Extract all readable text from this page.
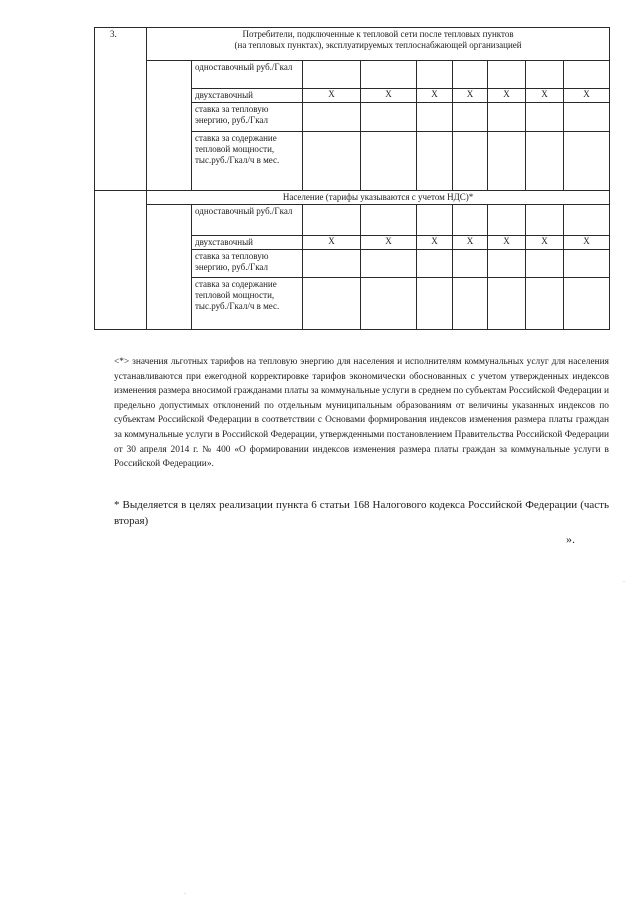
3.	Потребители, подключенные к тепловой сети после тепловых пунктов
(на тепловых пунктах), эксплуатируемых теплоснабжающей организацией								

		одноставочный руб./Гкал							
		двухставочный	Х	Х	Х	Х	Х	Х	Х
		ставка за тепловую энергию, руб./Гкал							
		ставка за содержание тепловой мощности, тыс.руб./Гкал/ч в мес.							
	Население (тарифы указываются с учетом НДС)*								
		одноставочный руб./Гкал							
		двухставочный	Х	Х	Х	Х	Х	Х	Х
		ставка за тепловую энергию, руб./Гкал							
		ставка за содержание тепловой мощности, тыс.руб./Гкал/ч в мес.							
<*> значения льготных тарифов на тепловую энергию для населения и исполнителям коммунальных услуг для населения устанавливаются при ежегодной корректировке тарифов экономически обоснованных с учетом утвержденных индексов изменения размера вносимой гражданами платы за коммунальные услуги в среднем по субъектам Российской Федерации и предельно допустимых отклонений по отдельным муниципальным образованиям от величины указанных индексов по субъектам Российской Федерации в соответствии с Основами формирования индексов изменения размера платы граждан за коммунальные услуги в Российской Федерации, утвержденными постановлением Правительства Российской Федерации от 30 апреля 2014 г. № 400 «О формировании индексов изменения размера платы граждан за коммунальные услуги в Российской Федерации».
* Выделяется в целях реализации пункта 6 статьи 168 Налогового кодекса Российской Федерации (часть вторая)
».
.
.
